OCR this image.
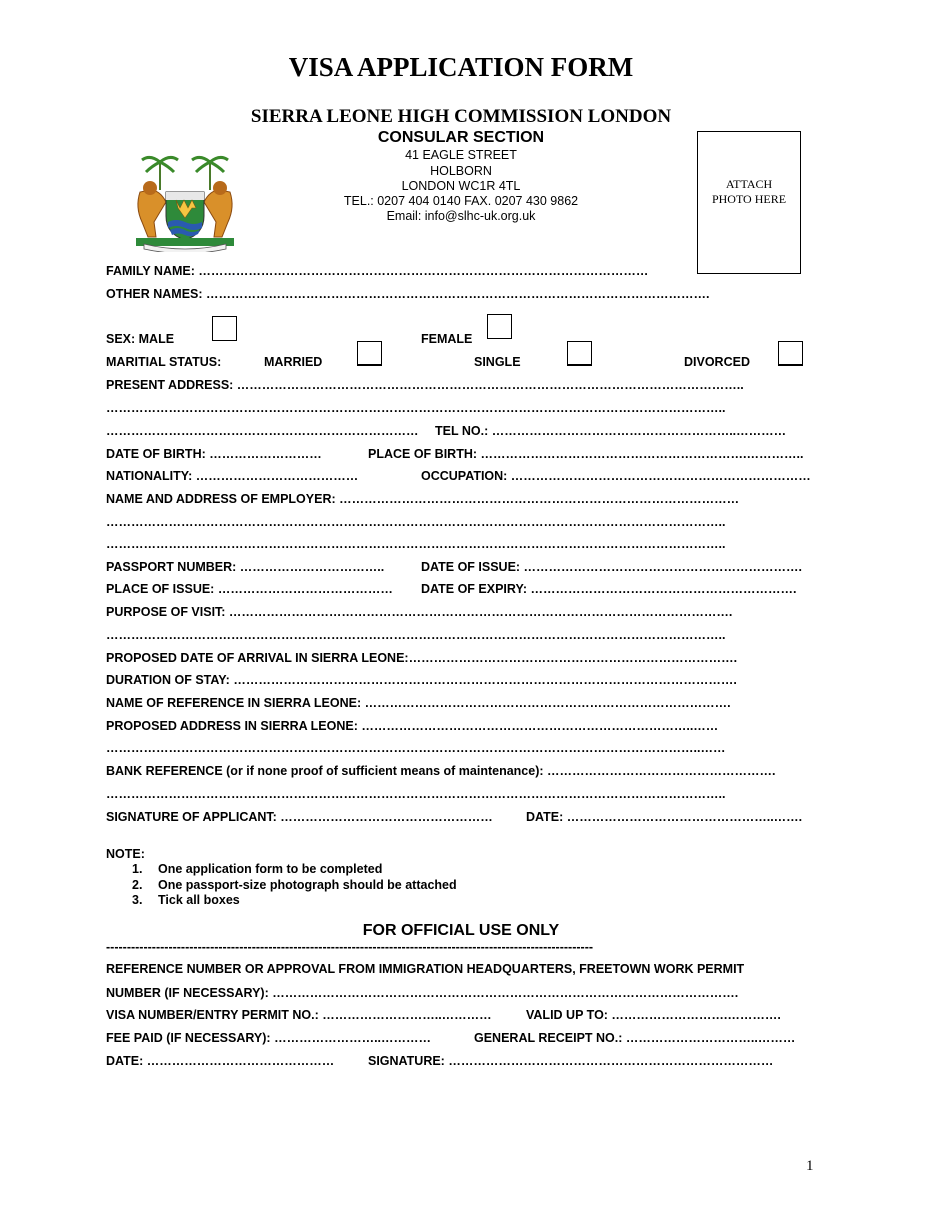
VISA APPLICATION FORM
SIERRA LEONE HIGH COMMISSION LONDON
CONSULAR SECTION
41 EAGLE STREET
HOLBORN
LONDON WC1R 4TL
TEL.: 0207 404 0140 FAX. 0207 430 9862
Email: info@slhc-uk.org.uk
ATTACH
PHOTO HERE
FAMILY NAME: ………………………………………………………………………………………………
OTHER NAMES: ………………………………………………………………………………………………………….
SEX: MALE	FEMALE
MARITIAL STATUS:	MARRIED	SINGLE	DIVORCED
PRESENT ADDRESS: …………………………………………………………………………………………………………..
…………………………………………………………………………………………………………………………………..
………………………………………………………………… TEL NO.: …………………………………………………..…………
DATE OF BIRTH: ………………………	PLACE OF BIRTH: ……………………………………………………….…………..
NATIONALITY: …………………………………	OCCUPATION: ………………………………………………………………
NAME AND ADDRESS OF EMPLOYER: ……………………………………………………………………………………
…………………………………………………………………………………………………………………………………..
…………………………………………………………………………………………………………………………………..
PASSPORT NUMBER: ……………………………..	DATE OF ISSUE: ………………………………………………………….
PLACE OF ISSUE: …………………………………… DATE OF EXPIRY: ……………………………………………………….
PURPOSE OF VISIT: ………………………………………………………………………………………………………….
…………………………………………………………………………………………………………………………………..
PROPOSED DATE OF ARRIVAL IN SIERRA LEONE:…………………………………………………………………….
DURATION OF STAY: ………………………………………………………………………………………………………….
NAME OF REFERENCE IN SIERRA LEONE: …………………………………………………………………………….
PROPOSED ADDRESS IN SIERRA LEONE: ……………………………………………………………………..……
……………………………………………………………………………………………………………………………..……
BANK REFERENCE (or if none proof of sufficient means of maintenance): ……………………………………………….
…………………………………………………………………………………………………………………………………..
SIGNATURE OF APPLICANT: ……………………………………………	DATE: …………………………………………..…….
NOTE:
1. One application form to be completed
2. One passport-size photograph should be attached
3. Tick all boxes
FOR OFFICIAL USE ONLY
---------------------------------------------------------------------------------------------------------------------
REFERENCE NUMBER OR APPROVAL FROM IMMIGRATION HEADQUARTERS, FREETOWN WORK PERMIT
NUMBER (IF NECESSARY): ………………………………………………………………………………………………….
VISA NUMBER/ENTRY PERMIT NO.: ………………………..…………	VALID UP TO: ……………………….………….
FEE PAID (IF NECESSARY): ……………………..…………	GENERAL RECEIPT NO.: …………………………..………
DATE: ………………………………………	SIGNATURE: ……………………………………………………………………
1
